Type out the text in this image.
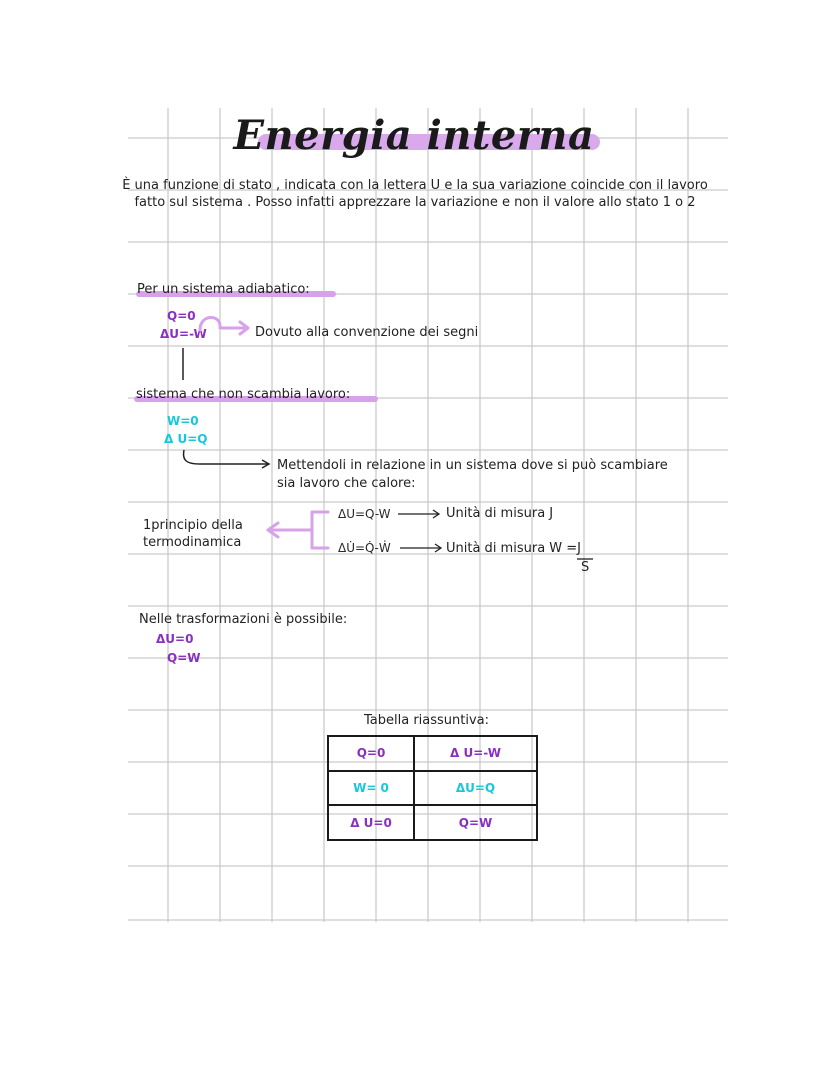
Energia interna
È una funzione di stato , indicata con la lettera U e la sua variazione coincide con il lavoro fatto sul sistema . Posso infatti apprezzare la variazione e non il valore allo stato 1 o 2
Per un sistema adiabatico:
Q=0
ΔU=-W	Dovuto alla convenzione dei segni
sistema che non scambia lavoro:
W=0
Δ U=Q
Mettendoli in relazione in un sistema dove si può scambiare
sia lavoro che calore:
1principio della
termodinamica
ΔU=Q-W	Unità di misura J
ΔU̇=Q̇-Ẇ	Unità di misura W =J
S
Nelle trasformazioni è possibile:
ΔU=0
Q=W
Tabella riassuntiva:
Q=0	Δ U=-W
W= 0	ΔU=Q
Δ U=0	Q=W
